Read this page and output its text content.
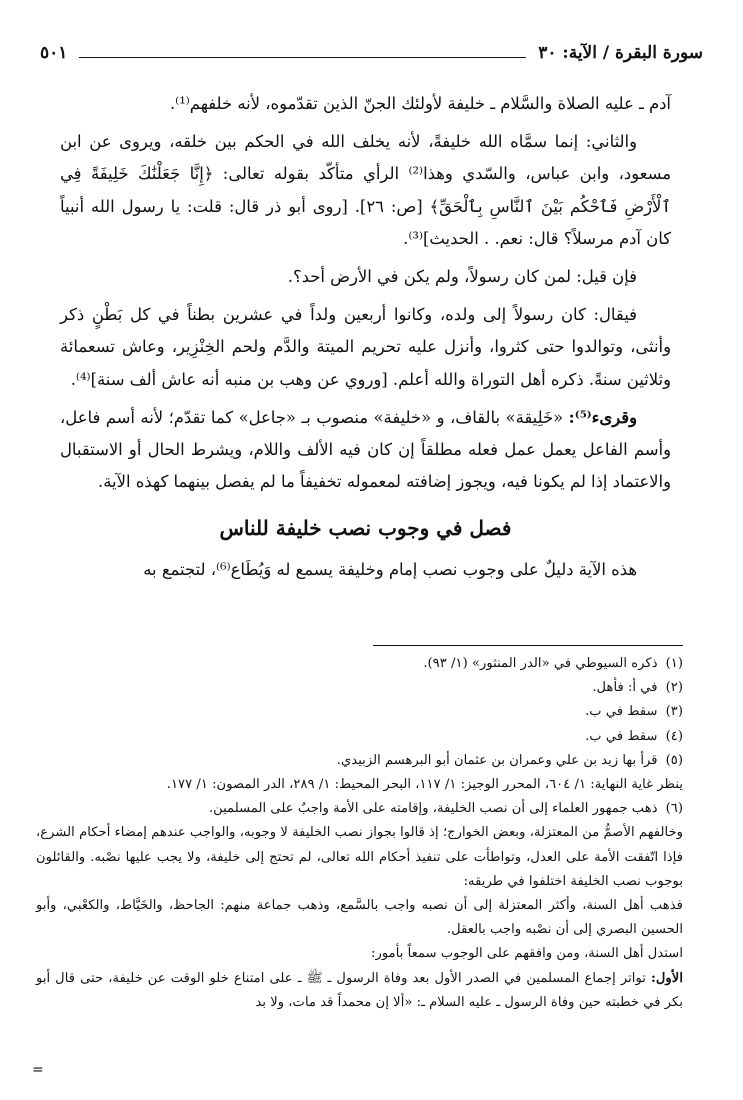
سورة البقرة / الآية: ٣٠
٥٠١

آدم ـ عليه الصلاة والسَّلام ـ خليفة لأولئك الجنّ الذين تقدّموه، لأنه خلفهم⁽¹⁾.

والثاني: إنما سمَّاه الله خليفةً، لأنه يخلف الله في الحكم بين خلقه، ويروى عن ابن مسعود، وابن عباس، والسّدي وهذا⁽²⁾ الرأي متأكّد بقوله تعالى: ﴿إِنَّا جَعَلْنَٰكَ خَلِيفَةً فِي ٱلْأَرْضِ فَٱحْكُم بَيْنَ ٱلنَّاسِ بِٱلْحَقِّ﴾ [ص: ٢٦]. [روى أبو ذر قال: قلت: يا رسول الله أنبياً كان آدم مرسلاً؟ قال: نعم. . الحديث]⁽³⁾.

فإن قيل: لمن كان رسولاً، ولم يكن في الأرض أحد؟.

فيقال: كان رسولاً إلى ولده، وكانوا أربعين ولداً في عشرين بطناً في كل بَطْنٍ ذكر وأنثى، وتوالدوا حتى كثروا، وأنزل عليه تحريم الميتة والدَّم ولحم الخِنْزِير، وعاش تسعمائة وثلاثين سنةً. ذكره أهل التوراة والله أعلم. [وروي عن وهب بن منبه أنه عاش ألف سنة]⁽⁴⁾.

وقرىء⁽⁵⁾: «خَلِيقة» بالقاف، و «خليفة» منصوب بـ «جاعل» كما تقدّم؛ لأنه أسم فاعل، وأسم الفاعل يعمل عمل فعله مطلقاً إن كان فيه الألف واللام، ويشرط الحال أو الاستقبال والاعتماد إذا لم يكونا فيه، ويجوز إضافته لمعموله تخفيفاً ما لم يفصل بينهما كهذه الآية.

فصل في وجوب نصب خليفة للناس

هذه الآية دليلٌ على وجوب نصب إمام وخليفة يسمع له وَيُطَاع⁽⁶⁾، لتجتمع به

(١)ذكره السيوطي في «الدر المنثور» (١/ ٩٣).

(٢)في أ: فأهل.

(٣)سقط في ب.

(٤)سقط في ب.

(٥)قرأ بها زيد بن علي وعمران بن عثمان أبو البرهسم الزبيدي.

ينظر غاية النهاية: ١/ ٦٠٤، المحرر الوجيز: ١/ ١١٧، البحر المحيط: ١/ ٢٨٩، الدر المصون: ١/ ١٧٧.

(٦)ذهب جمهور العلماء إلى أن نصب الخليفة، وإقامته على الأمة واجبٌ على المسلمين.

وخالفهم الأصمُّ من المعتزلة، وبعض الخوارج؛ إذ قالوا بجواز نصب الخليفة لا وجوبه، والواجب عندهم إمضاء أحكام الشرع، فإذا اتّفقت الأمة على العدل، وتواطأت على تنفيذ أحكام الله تعالى، لم تحتج إلى خليفة، ولا يجب عليها نصْبه. والقائلون بوجوب نصب الخليفة اختلفوا في طريقه:

فذهب أهل السنة، وأكثر المعتزلة إلى أن نصبه واجب بالسَّمع، وذهب جماعة منهم: الجاحظ، والخَيَّاط، والكعْبي، وأبو الحسين البصري إلى أن نصْبه واجب بالعقل.

استدل أهل السنة، ومن وافقهم على الوجوب سمعاً بأمور:

الأول: تواتر إجماع المسلمين في الصدر الأول بعد وفاة الرسول ـ ﷺ ـ على امتناع خلو الوقت عن خليفة، حتى قال أبو بكر في خطبته حين وفاة الرسول ـ عليه السلام ـ: «ألا إن محمداً قد مات، ولا بد

=
